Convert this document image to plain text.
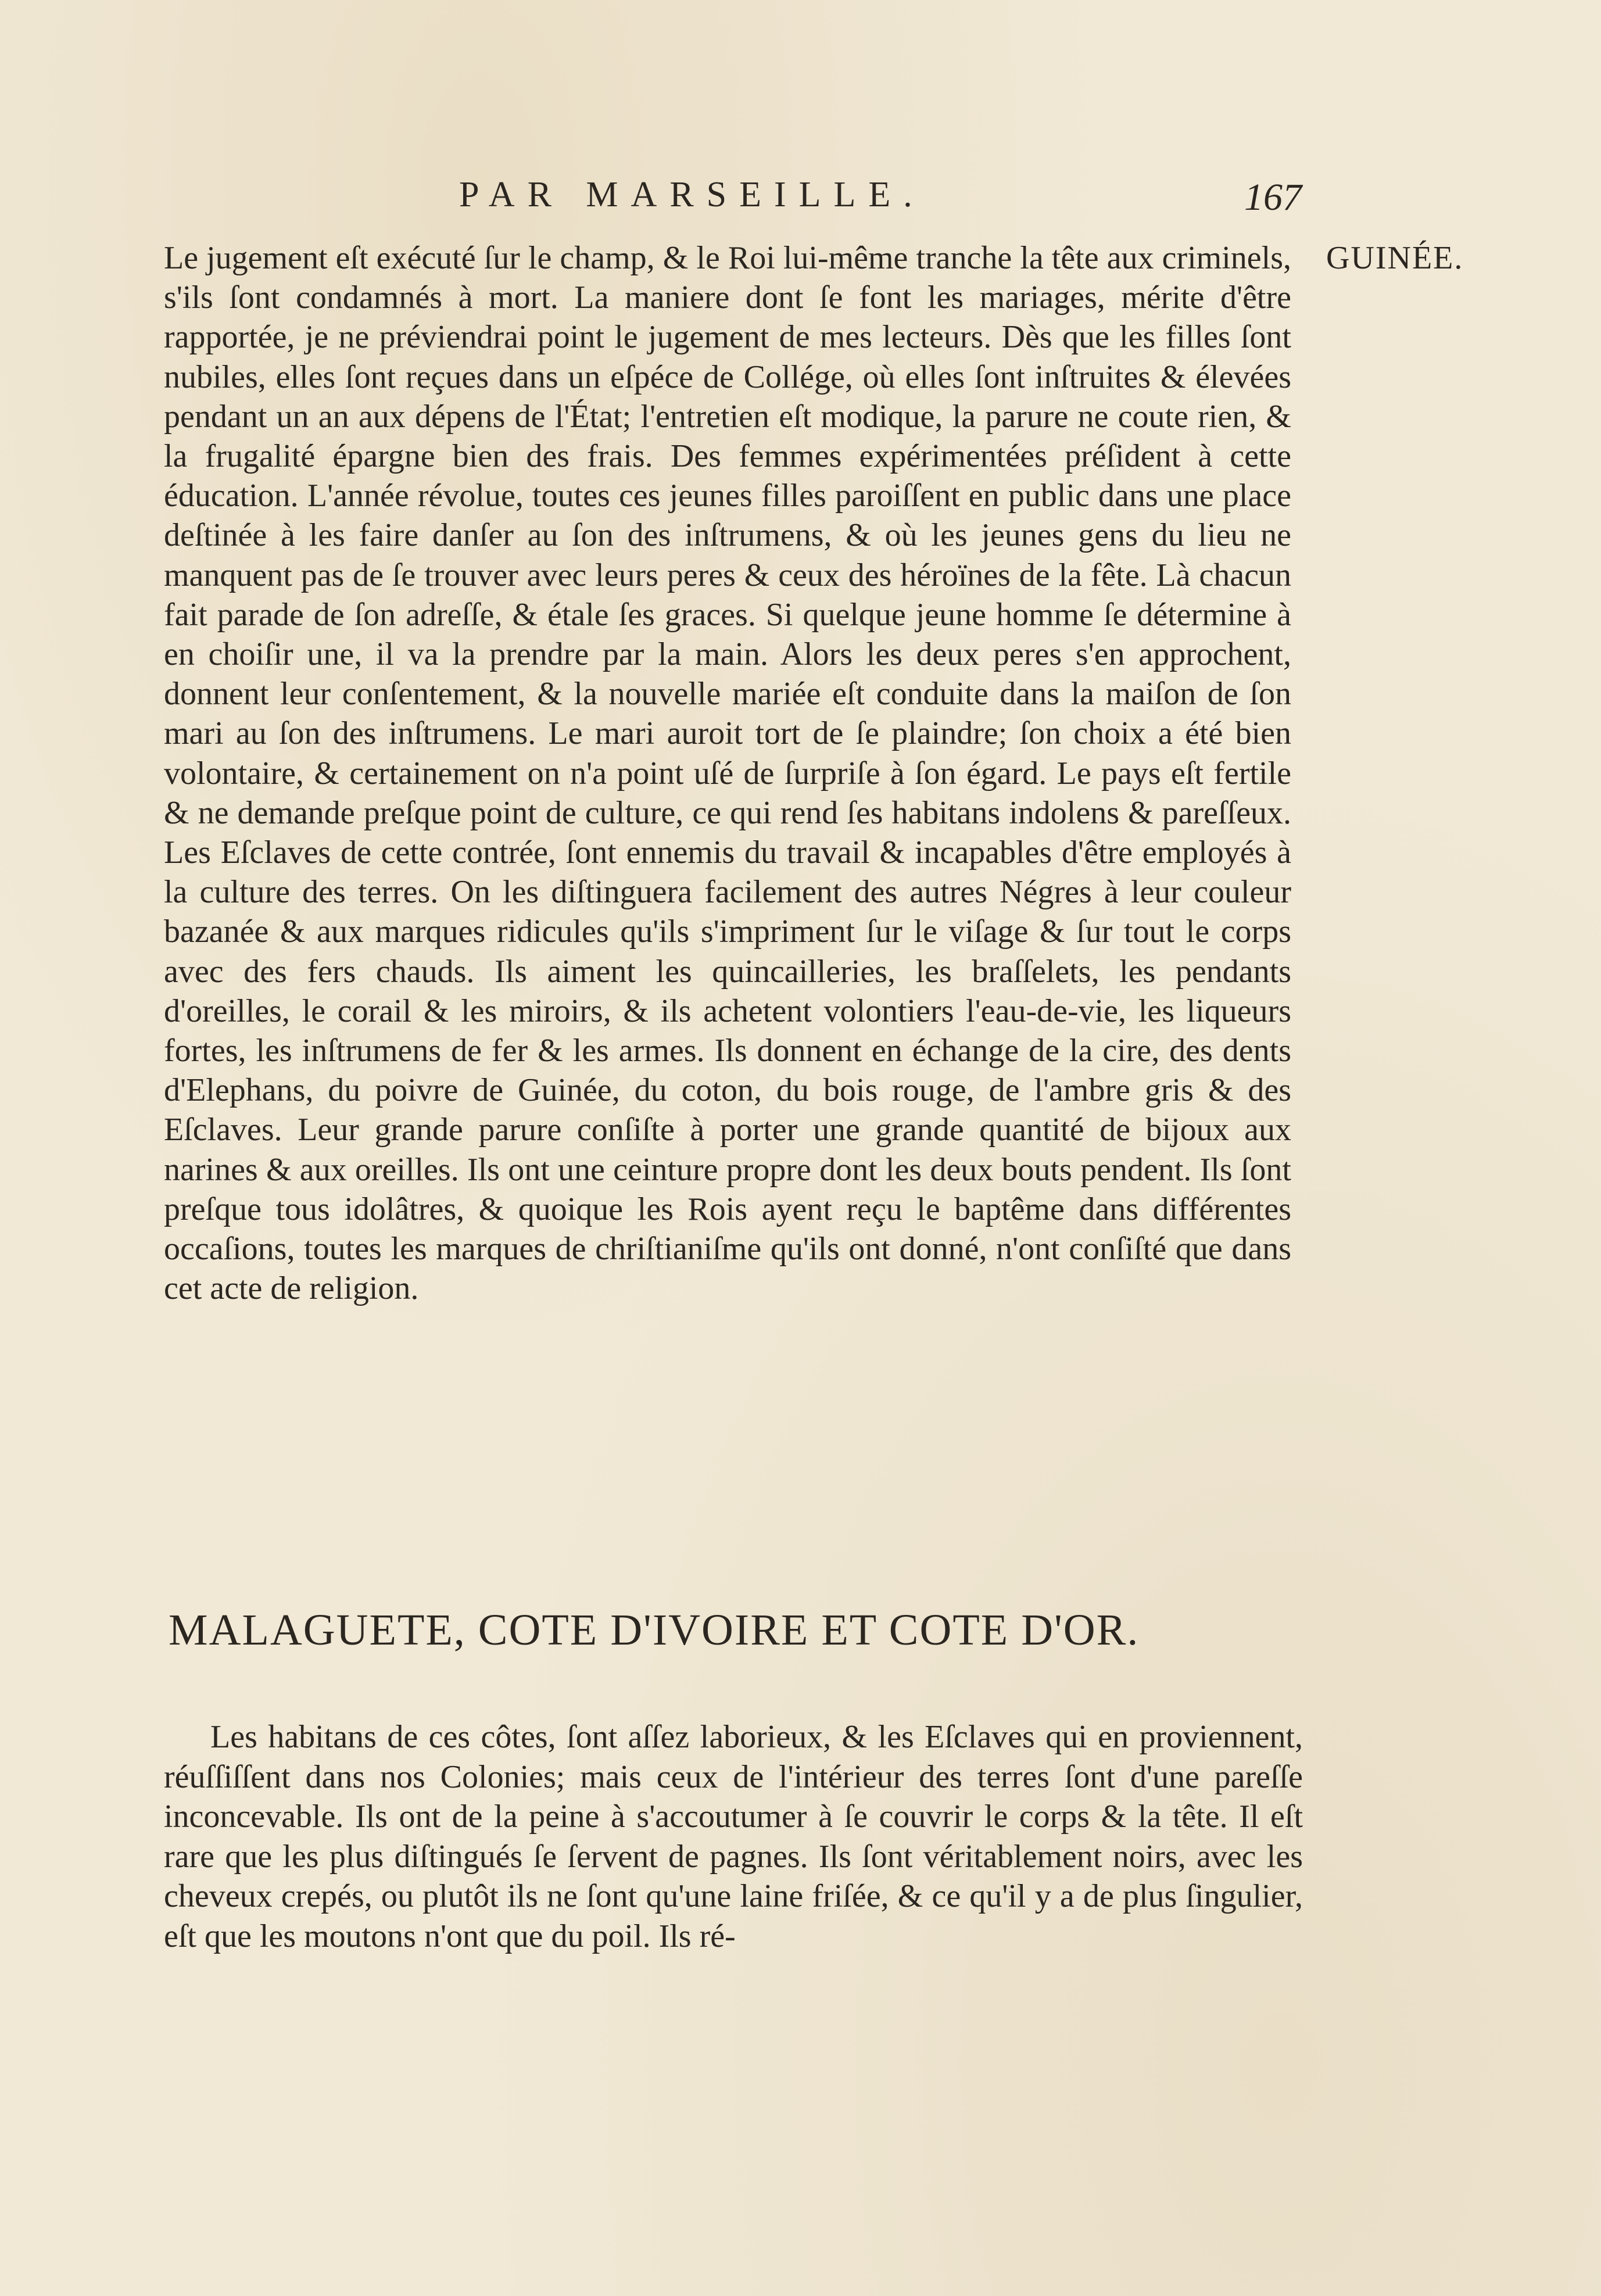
PAR MARSEILLE.	167
GUINÉE.

Le jugement eſt exécuté ſur le champ, & le Roi lui-même tranche la tête aux criminels, s'ils ſont condamnés à mort. La maniere dont ſe font les mariages, mérite d'être rapportée, je ne préviendrai point le jugement de mes lecteurs. Dès que les filles ſont nubiles, elles ſont reçues dans un eſpéce de Collége, où elles ſont inſtruites & élevées pendant un an aux dépens de l'État; l'entretien eſt modique, la parure ne coute rien, & la frugalité épargne bien des frais. Des femmes expérimentées préſident à cette éducation. L'année révolue, toutes ces jeunes filles paroiſſent en public dans une place deſtinée à les faire danſer au ſon des inſtrumens, & où les jeunes gens du lieu ne manquent pas de ſe trouver avec leurs peres & ceux des héroïnes de la fête. Là chacun fait parade de ſon adreſſe, & étale ſes graces. Si quelque jeune homme ſe détermine à en choiſir une, il va la prendre par la main. Alors les deux peres s'en approchent, donnent leur conſentement, & la nouvelle mariée eſt conduite dans la maiſon de ſon mari au ſon des inſtrumens. Le mari auroit tort de ſe plaindre; ſon choix a été bien volontaire, & certainement on n'a point uſé de ſurpriſe à ſon égard. Le pays eſt fertile & ne demande preſque point de culture, ce qui rend ſes habitans indolens & pareſſeux. Les Eſclaves de cette contrée, ſont ennemis du travail & incapables d'être employés à la culture des terres. On les diſtinguera facilement des autres Négres à leur couleur bazanée & aux marques ridicules qu'ils s'impriment ſur le viſage & ſur tout le corps avec des fers chauds. Ils aiment les quincailleries, les braſſelets, les pendants d'oreilles, le corail & les miroirs, & ils achetent volontiers l'eau-de-vie, les liqueurs fortes, les inſtrumens de fer & les armes. Ils donnent en échange de la cire, des dents d'Elephans, du poivre de Guinée, du coton, du bois rouge, de l'ambre gris & des Eſclaves. Leur grande parure conſiſte à porter une grande quantité de bijoux aux narines & aux oreilles. Ils ont une ceinture propre dont les deux bouts pendent. Ils ſont preſque tous idolâtres, & quoique les Rois ayent reçu le baptême dans différentes occaſions, toutes les marques de chriſtianiſme qu'ils ont donné, n'ont conſiſté que dans cet acte de religion.

MALAGUETE, COTE D'IVOIRE ET COTE D'OR.

Les habitans de ces côtes, ſont aſſez laborieux, & les Eſclaves qui en proviennent, réuſſiſſent dans nos Colonies; mais ceux de l'intérieur des terres ſont d'une pareſſe inconcevable. Ils ont de la peine à s'accoutumer à ſe couvrir le corps & la tête. Il eſt rare que les plus diſtingués ſe ſervent de pagnes. Ils ſont véritablement noirs, avec les cheveux crepés, ou plutôt ils ne ſont qu'une laine friſée, & ce qu'il y a de plus ſingulier, eſt que les moutons n'ont que du poil. Ils ré-
